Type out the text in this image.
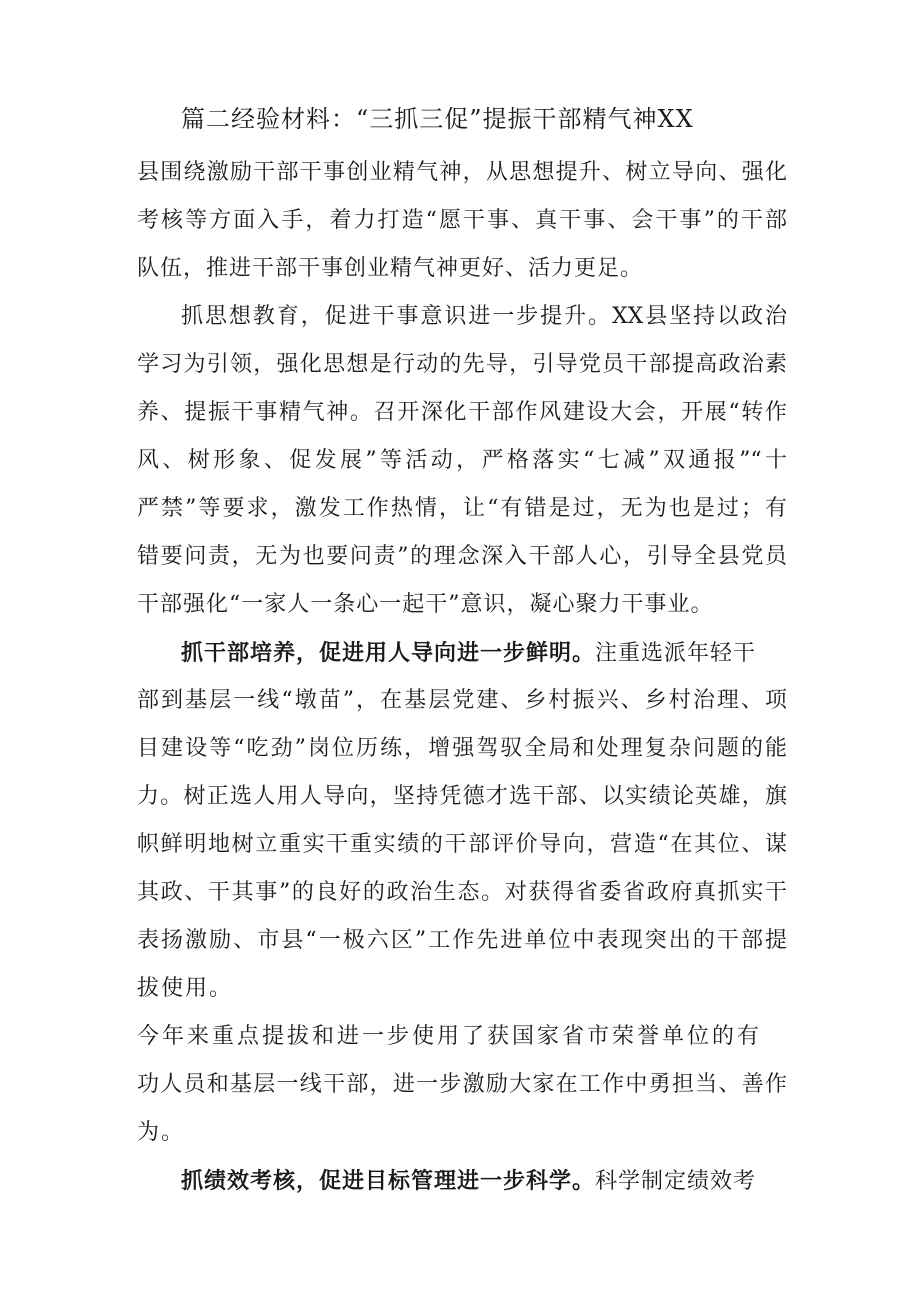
篇二经验材料：“三抓三促”提振干部精气神XX
县围绕激励干部干事创业精气神，从思想提升、树立导向、强化
考核等方面入手，着力打造“愿干事、真干事、会干事”的干部
队伍，推进干部干事创业精气神更好、活力更足。
抓思想教育，促进干事意识进一步提升。XX县坚持以政治
学习为引领，强化思想是行动的先导，引导党员干部提高政治素
养、提振干事精气神。召开深化干部作风建设大会，开展“转作
风、树形象、促发展”等活动，严格落实“七减”双通报”“十
严禁”等要求，激发工作热情，让“有错是过，无为也是过；有
错要问责，无为也要问责”的理念深入干部人心，引导全县党员
干部强化“一家人一条心一起干”意识，凝心聚力干事业。
抓干部培养，促进用人导向进一步鲜明。注重选派年轻干
部到基层一线“墩苗”，在基层党建、乡村振兴、乡村治理、项
目建设等“吃劲”岗位历练，增强驾驭全局和处理复杂问题的能
力。树正选人用人导向，坚持凭德才选干部、以实绩论英雄，旗
帜鲜明地树立重实干重实绩的干部评价导向，营造“在其位、谋
其政、干其事”的良好的政治生态。对获得省委省政府真抓实干
表扬激励、市县“一极六区”工作先进单位中表现突出的干部提
拔使用。
今年来重点提拔和进一步使用了获国家省市荣誉单位的有
功人员和基层一线干部，进一步激励大家在工作中勇担当、善作
为。
抓绩效考核，促进目标管理进一步科学。科学制定绩效考
